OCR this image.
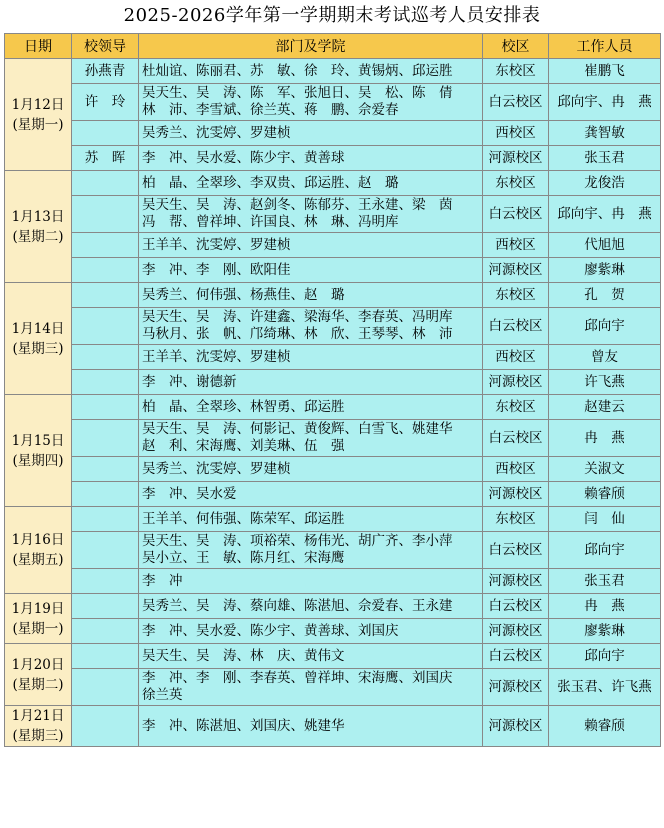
2025-2026学年第一学期期末考试巡考人员安排表
日期	校领导	部门及学院	校区	工作人员

1月12日
(星期一)	孙燕青	杜灿谊、陈丽君、苏　敏、徐　玲、黄锡炳、邱运胜	东校区	崔鹏飞
	许　玲	吴天生、吴　涛、陈　军、张旭日、吴　松、陈　倩
林　沛、李雪斌、徐兰英、蒋　鹏、佘爱春	白云校区	邱向宇、冉　燕

		吴秀兰、沈雯婷、罗建桢	西校区	龚智敏
	苏　晖	李　冲、吴水爱、陈少宇、黄善球	河源校区	张玉君

1月13日
(星期二)		柏　晶、全翠珍、李双贵、邱运胜、赵　璐	东校区	龙俊浩

		吴天生、吴　涛、赵剑冬、陈郁芬、王永建、梁　茵
冯　帮、曾祥坤、许国良、林　琳、冯明库	白云校区	邱向宇、冉　燕

		王羊羊、沈雯婷、罗建桢	西校区	代旭旭

		李　冲、李　刚、欧阳佳	河源校区	廖紫琳

1月14日
(星期三)		吴秀兰、何伟强、杨燕佳、赵　璐	东校区	孔　贺

		吴天生、吴　涛、许建鑫、梁海华、李春英、冯明库
马秋月、张　帆、邝绮琳、林　欣、王琴琴、林　沛	白云校区	邱向宇

		王羊羊、沈雯婷、罗建桢	西校区	曾友

		李　冲、谢德新	河源校区	许飞燕

1月15日
(星期四)		柏　晶、全翠珍、林智勇、邱运胜	东校区	赵建云

		吴天生、吴　涛、何影记、黄俊辉、白雪飞、姚建华
赵　利、宋海鹰、刘美琳、伍　强	白云校区	冉　燕

		吴秀兰、沈雯婷、罗建桢	西校区	关淑文

		李　冲、吴水爱	河源校区	赖睿颀

1月16日
(星期五)		王羊羊、何伟强、陈荣军、邱运胜	东校区	闫　仙

		吴天生、吴　涛、项裕荣、杨伟光、胡广齐、李小萍
吴小立、王　敏、陈月红、宋海鹰	白云校区	邱向宇

		李　冲	河源校区	张玉君

1月19日
(星期一)		吴秀兰、吴　涛、蔡向雄、陈湛旭、佘爱春、王永建	白云校区	冉　燕

		李　冲、吴水爱、陈少宇、黄善球、刘国庆	河源校区	廖紫琳

1月20日
(星期二)		吴天生、吴　涛、林　庆、黄伟文	白云校区	邱向宇

		李　冲、李　刚、李春英、曾祥坤、宋海鹰、刘国庆
徐兰英	河源校区	张玉君、许飞燕

1月21日
(星期三)		李　冲、陈湛旭、刘国庆、姚建华	河源校区	赖睿颀
